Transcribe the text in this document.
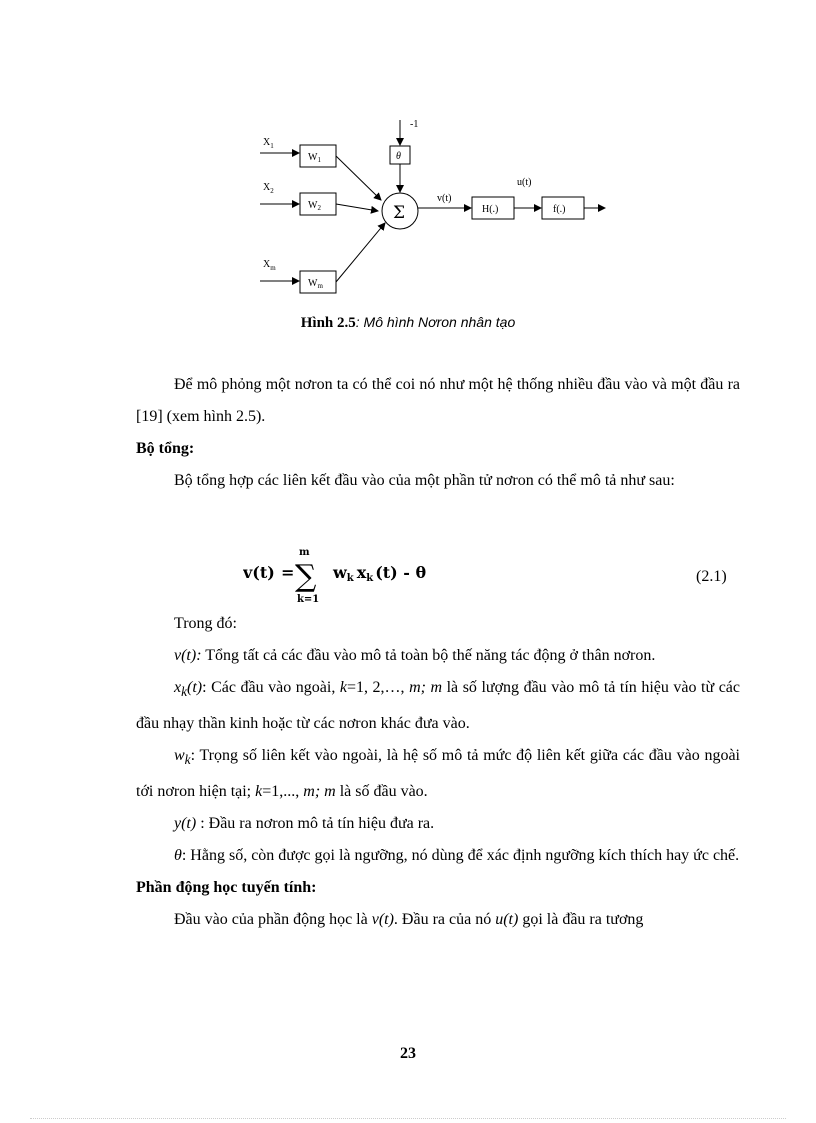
$X_1$
$X_2$
$X_m$
$W_1$
$W_2$
$W_m$
-1
θ
Σ
v(t)
H(.)
u(t)
f(.)
Hình 2.5: Mô hình Nơron nhân tạo

Để mô phỏng một nơron ta có thể coi nó như một hệ thống nhiều đầu vào và một đầu ra [19] (xem hình 2.5).

Bộ tổng:

Bộ tổng hợp các liên kết đầu vào của một phần tử nơron có thể mô tả như sau:

v(t) =
m
∑
k=1
wk xk (t) - θ	(2.1)

Trong đó:

v(t): Tổng tất cả các đầu vào mô tả toàn bộ thế năng tác động ở thân nơron.

$x_k(t)$: Các đầu vào ngoài, k=1, 2,…, m; m là số lượng đầu vào mô tả tín hiệu vào từ các đầu nhạy thần kinh hoặc từ các nơron khác đưa vào.

$w_k$: Trọng số liên kết vào ngoài, là hệ số mô tả mức độ liên kết giữa các đầu vào ngoài tới nơron hiện tại; k=1,..., m; m là số đầu vào.

y(t) : Đầu ra nơron mô tả tín hiệu đưa ra.

θ: Hằng số, còn được gọi là ngưỡng, nó dùng để xác định ngưỡng kích thích hay ức chế.

Phần động học tuyến tính:

Đầu vào của phần động học là v(t). Đầu ra của nó u(t) gọi là đầu ra tương

23
